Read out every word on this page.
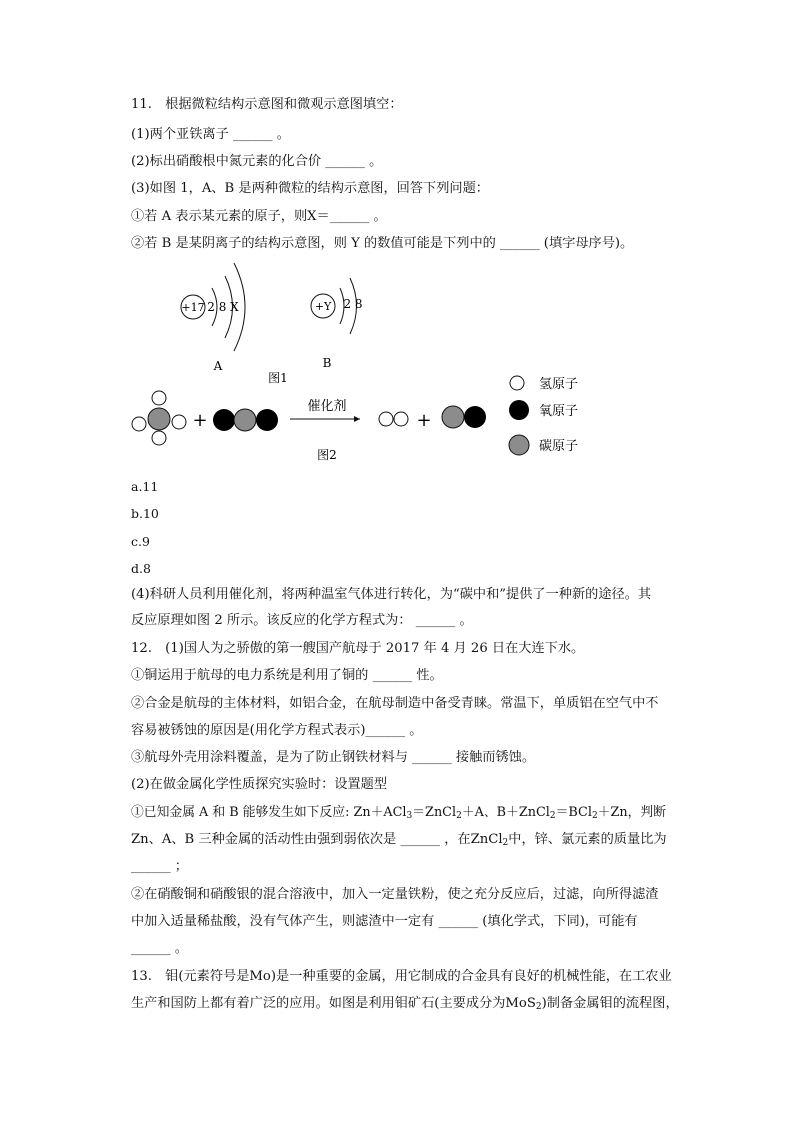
11.　根据微粒结构示意图和微观示意图填空：
(1)两个亚铁离子 ______ 。
(2)标出硝酸根中氮元素的化合价 ______ 。
(3)如图 1，A、B 是两种微粒的结构示意图，回答下列问题：
①若 A 表示某元素的原子，则X＝______ 。
②若 B 是某阴离子的结构示意图，则 Y 的数值可能是下列中的 ______ (填字母序号)。
+17 2 8 X
A
+Y 2 8
B
图1
+
催化剂
图2
+
氢原子
氧原子
碳原子
a.11
b.10
c.9
d.8
(4)科研人员利用催化剂，将两种温室气体进行转化，为“碳中和”提供了一种新的途径。其
反应原理如图 2 所示。该反应的化学方程式为： ______ 。
12.　(1)国人为之骄傲的第一艘国产航母于 2017 年 4 月 26 日在大连下水。
①铜运用于航母的电力系统是利用了铜的 ______ 性。
②合金是航母的主体材料，如铝合金，在航母制造中备受青睐。常温下，单质铝在空气中不
容易被锈蚀的原因是(用化学方程式表示)______ 。
③航母外壳用涂料覆盖，是为了防止钢铁材料与 ______ 接触而锈蚀。
(2)在做金属化学性质探究实验时：设置题型
①已知金属 A 和 B 能够发生如下反应: Zn＋ACl$_3$＝ZnCl$_2$＋A、B＋ZnCl$_2$＝BCl$_2$＋Zn，判断
Zn、A、B 三种金属的活动性由强到弱依次是 ______ ，在ZnCl$_2$中，锌、氯元素的质量比为
______ ；
②在硝酸铜和硝酸银的混合溶液中，加入一定量铁粉，使之充分反应后，过滤，向所得滤渣
中加入适量稀盐酸，没有气体产生，则滤渣中一定有 ______ (填化学式，下同)，可能有
______ 。
13.　钼(元素符号是Mo)是一种重要的金属，用它制成的合金具有良好的机械性能，在工农业
生产和国防上都有着广泛的应用。如图是利用钼矿石(主要成分为MoS$_2$)制备金属钼的流程图，
